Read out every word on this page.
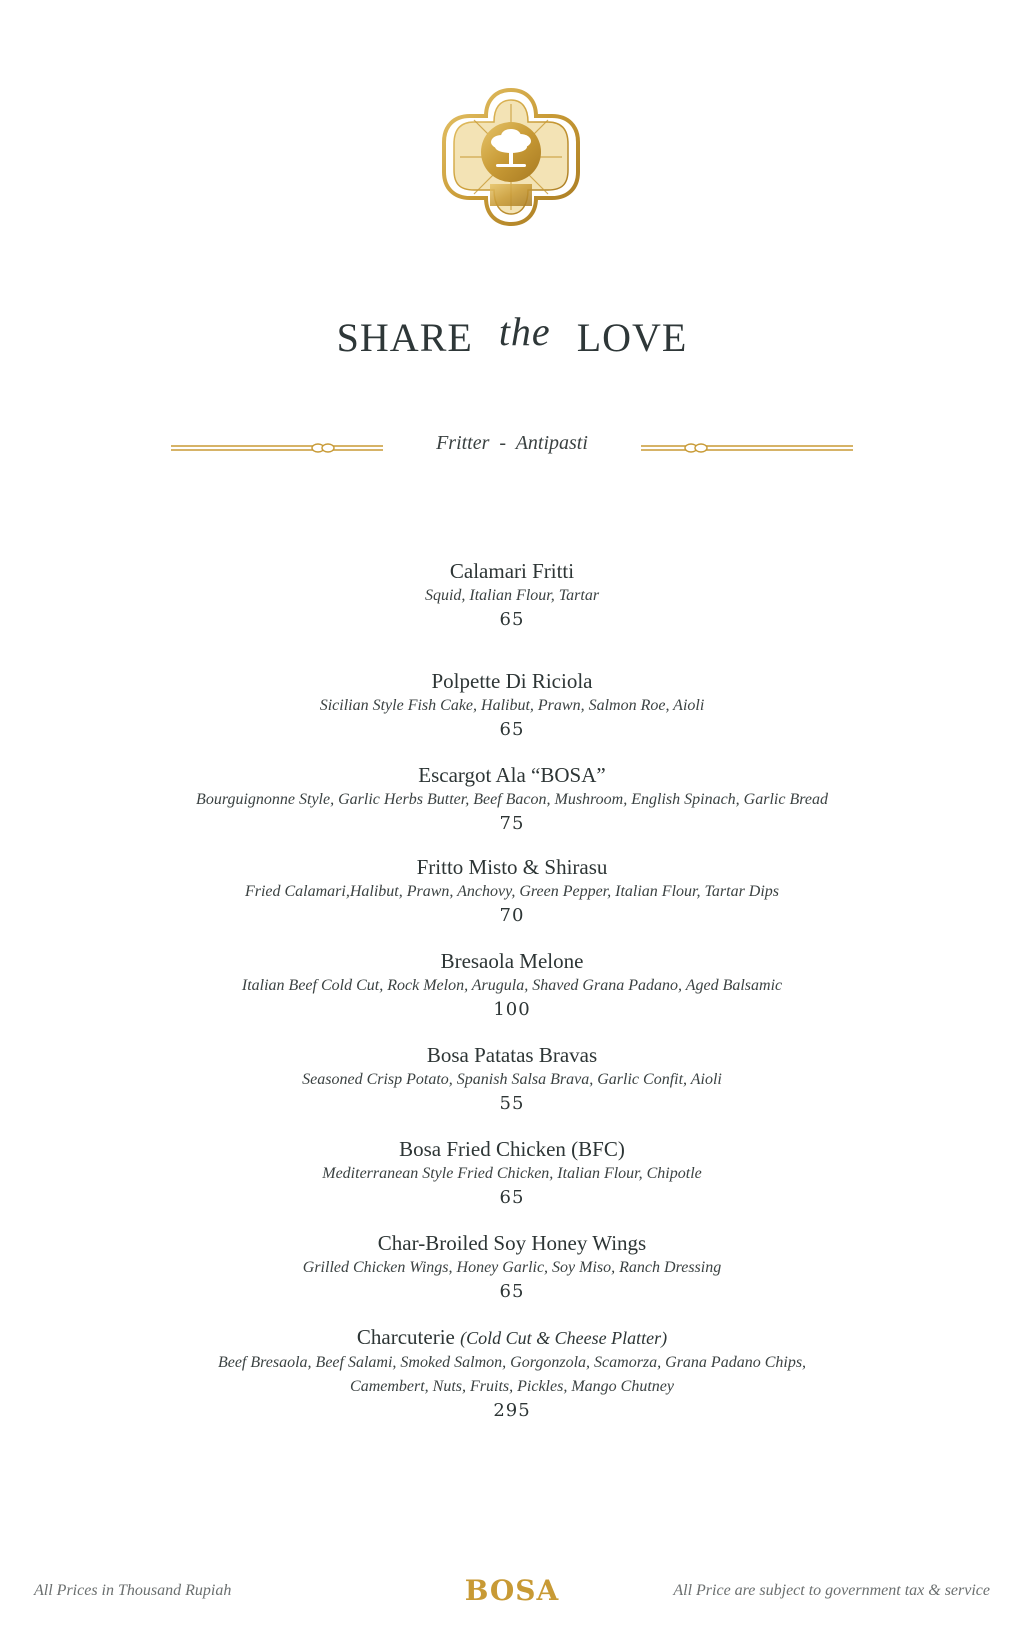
SHARE the LOVE
Fritter  -  Antipasti
Calamari Fritti
Squid, Italian Flour, Tartar
65
Polpette Di Riciola
Sicilian Style Fish Cake, Halibut, Prawn, Salmon Roe, Aioli
65
Escargot Ala “BOSA”
Bourguignonne Style, Garlic Herbs Butter, Beef Bacon, Mushroom, English Spinach, Garlic Bread
75
Fritto Misto & Shirasu
Fried Calamari,Halibut, Prawn, Anchovy, Green Pepper, Italian Flour, Tartar Dips
70
Bresaola Melone
Italian Beef Cold Cut, Rock Melon, Arugula, Shaved Grana Padano, Aged Balsamic
100
Bosa Patatas Bravas
Seasoned Crisp Potato, Spanish Salsa Brava, Garlic Confit, Aioli
55
Bosa Fried Chicken (BFC)
Mediterranean Style Fried Chicken, Italian Flour, Chipotle
65
Char-Broiled Soy Honey Wings
Grilled Chicken Wings, Honey Garlic, Soy Miso, Ranch Dressing
65
Charcuterie (Cold Cut & Cheese Platter)
Beef Bresaola, Beef Salami, Smoked Salmon, Gorgonzola, Scamorza, Grana Padano Chips, Camembert, Nuts, Fruits, Pickles, Mango Chutney
295
All Prices in Thousand Rupiah	BOSA	All Price are subject to government tax & service
